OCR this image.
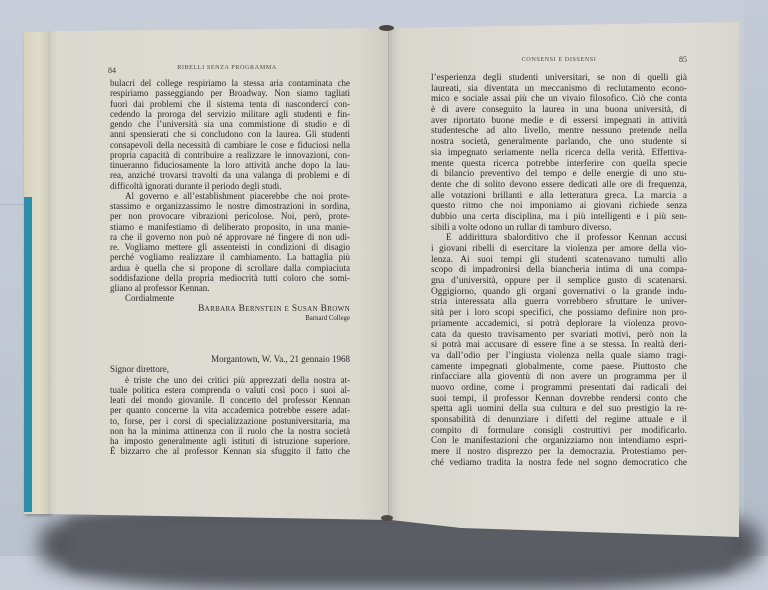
84	RIBELLI SENZA PROGRAMMA
bulacri del college respiriamo la stessa aria contaminata che
respiriamo passeggiando per Broadway. Non siamo tagliati
fuori dai problemi che il sistema tenta di nasconderci con-
cedendo la proroga del servizio militare agli studenti e fin-
gendo che l’università sia una commistione di studio e di
anni spensierati che si concludono con la laurea. Gli studenti
consapevoli della necessità di cambiare le cose e fiduciosi nella
propria capacità di contribuire a realizzare le innovazioni, con-
tinueranno fiduciosamente la loro attività anche dopo la lau-
rea, anziché trovarsi travolti da una valanga di problemi e di
difficoltà ignorati durante il periodo degli studi.
Al governo e all’establishment piacerebbe che noi prote-
stassimo e organizzassimo le nostre dimostrazioni in sordina,
per non provocare vibrazioni pericolose. Noi, però, prote-
stiamo e manifestiamo di deliberato proposito, in una manie-
ra che il governo non può né approvare né fingere di non udi-
re. Vogliamo mettere gli assenteisti in condizioni di disagio
perché vogliamo realizzare il cambiamento. La battaglia più
ardua è quella che si propone di scrollare dalla compiaciuta
soddisfazione della propria mediocrità tutti coloro che somi-
gliano al professor Kennan.
Cordialmente
Barbara Bernstein e Susan Brown
Barnard College
Morgantown, W. Va., 21 gennaio 1968
Signor direttore,
è triste che uno dei critici più apprezzati della nostra at-
tuale politica estera comprenda o valuti così poco i suoi al-
leati del mondo giovanile. Il concetto del professor Kennan
per quanto concerne la vita accademica potrebbe essere adat-
to, forse, per i corsi di specializzazione postuniversitaria, ma
non ha la minima attinenza con il ruolo che la nostra società
ha imposto generalmente agli istituti di istruzione superiore.
È bizzarro che al professor Kennan sia sfuggito il fatto che
CONSENSI E DISSENSI	85
l’esperienza degli studenti universitari, se non di quelli già
laureati, sia diventata un meccanismo di reclutamento econo-
mico e sociale assai più che un vivaio filosofico. Ciò che conta
è di avere conseguito la laurea in una buona università, di
aver riportato buone medie e di essersi impegnati in attività
studentesche ad alto livello, mentre nessuno pretende nella
nostra società, generalmente parlando, che uno studente si
sia impegnato seriamente nella ricerca della verità. Effettiva-
mente questa ricerca potrebbe interferire con quella specie
di bilancio preventivo del tempo e delle energie di uno stu-
dente che di solito devono essere dedicati alle ore di frequenza,
alle votazioni brillanti e alla letteratura greca. La marcia a
questo ritmo che noi imponiamo ai giovani richiede senza
dubbio una certa disciplina, ma i più intelligenti e i più sen-
sibili a volte odono un rullar di tamburo diverso.
È addirittura sbalorditivo che il professor Kennan accusi
i giovani ribelli di esercitare la violenza per amore della vio-
lenza. Ai suoi tempi gli studenti scatenavano tumulti allo
scopo di impadronirsi della biancheria intima di una compa-
gna d’università, oppure per il semplice gusto di scatenarsi.
Oggigiorno, quando gli organi governativi o la grande indu-
stria interessata alla guerra vorrebbero sfruttare le univer-
sità per i loro scopi specifici, che possiamo definire non pro-
priamente accademici, si potrà deplorare la violenza provo-
cata da questo travisamento per svariati motivi, però non la
si potrà mai accusare di essere fine a se stessa. In realtà deri-
va dall’odio per l’ingiusta violenza nella quale siamo tragi-
camente impegnati globalmente, come paese. Piuttosto che
rinfacciare alla gioventù di non avere un programma per il
nuovo ordine, come i programmi presentati dai radicali dei
suoi tempi, il professor Kennan dovrebbe rendersi conto che
spetta agli uomini della sua cultura e del suo prestigio la re-
sponsabilità di denunziare i difetti del regime attuale e il
compito di formulare consigli costruttivi per modificarlo.
Con le manifestazioni che organizziamo non intendiamo espri-
mere il nostro disprezzo per la democrazia. Protestiamo per-
ché vediamo tradita la nostra fede nel sogno democratico che
